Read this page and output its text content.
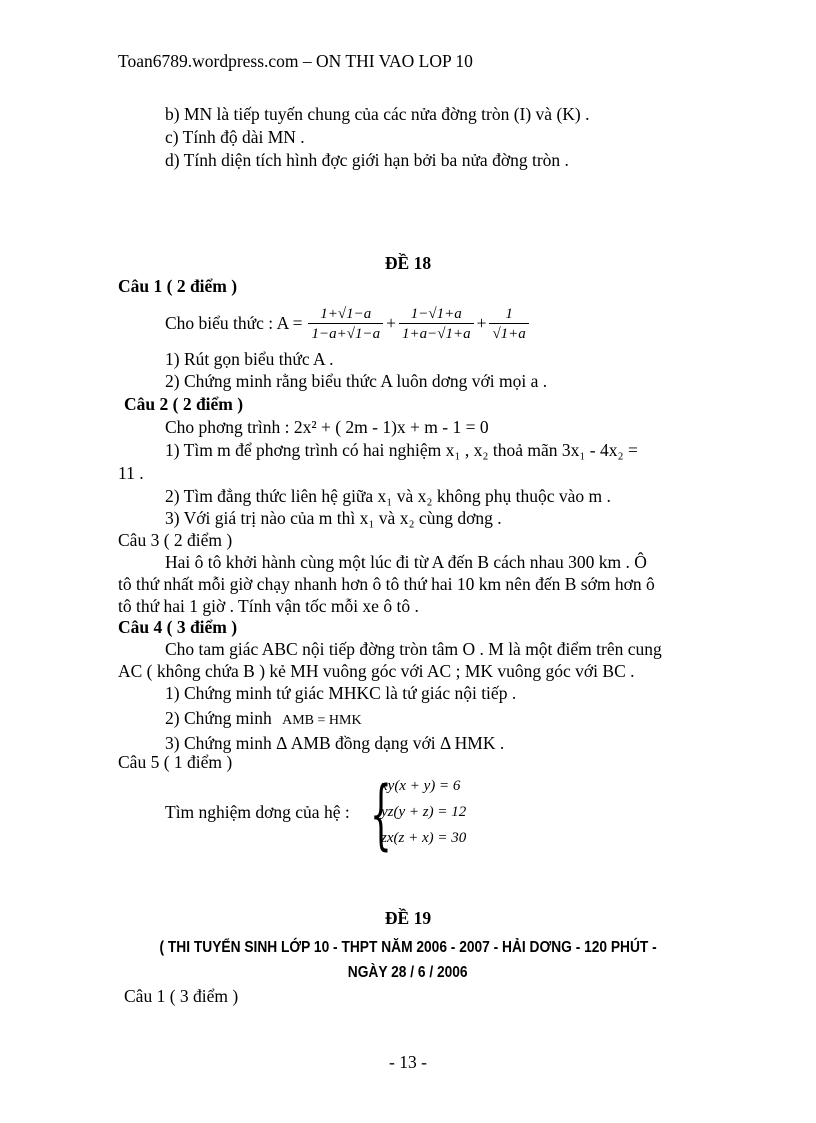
Toan6789.wordpress.com – ON THI VAO LOP 10
b) MN là tiếp tuyến chung của các nửa đờng tròn (I) và (K) .
c) Tính độ dài MN .
d) Tính diện tích hình đợc giới hạn bởi ba nửa đờng tròn .
ĐỀ 18
Câu 1 ( 2 điểm )
Cho biểu thức : $A = \frac{1+√1-a}{1-a+√1-a} + \frac{1-√1+a}{1+a-√1+a} + \frac{1}{√1+a}$
1) Rút gọn biểu thức A .
2) Chứng minh rằng biểu thức A luôn dơng với mọi a .
Câu 2 ( 2 điểm )
Cho phơng trình : 2x² + ( 2m - 1)x + m - 1 = 0
1) Tìm m để phơng trình có hai nghiệm x₁ , x₂ thoả mãn 3x₁ - 4x₂ =
11 .
2) Tìm đẳng thức liên hệ giữa x₁ và x₂ không phụ thuộc vào m .
3) Với giá trị nào của m thì x₁ và x₂ cùng dơng .
Câu 3 ( 2 điểm )
Hai ô tô khởi hành cùng một lúc đi từ A đến B cách nhau 300 km . Ô
tô thứ nhất mỗi giờ chạy nhanh hơn ô tô thứ hai 10 km nên đến B sớm hơn ô
tô thứ hai 1 giờ . Tính vận tốc mỗi xe ô tô .
Câu 4 ( 3 điểm )
Cho tam giác ABC nội tiếp đờng tròn tâm O . M là một điểm trên cung
AC ( không chứa B ) kẻ MH vuông góc với AC ; MK vuông góc với BC .
1) Chứng minh tứ giác MHKC là tứ giác nội tiếp .
2) Chứng minh AMB = HMK
3) Chứng minh Δ AMB đồng dạng với Δ HMK .
Câu 5 ( 1 điểm )
Tìm nghiệm dơng của hệ : {
xy(x + y) = 6
yz(y + z) = 12
zx(z + x) = 30
ĐỀ 19
( THI TUYỂN SINH LỚP 10 - THPT NĂM 2006 - 2007 - HẢI DƠNG - 120 PHÚT -
NGÀY 28 / 6 / 2006
Câu 1 ( 3 điểm )
- 13 -
